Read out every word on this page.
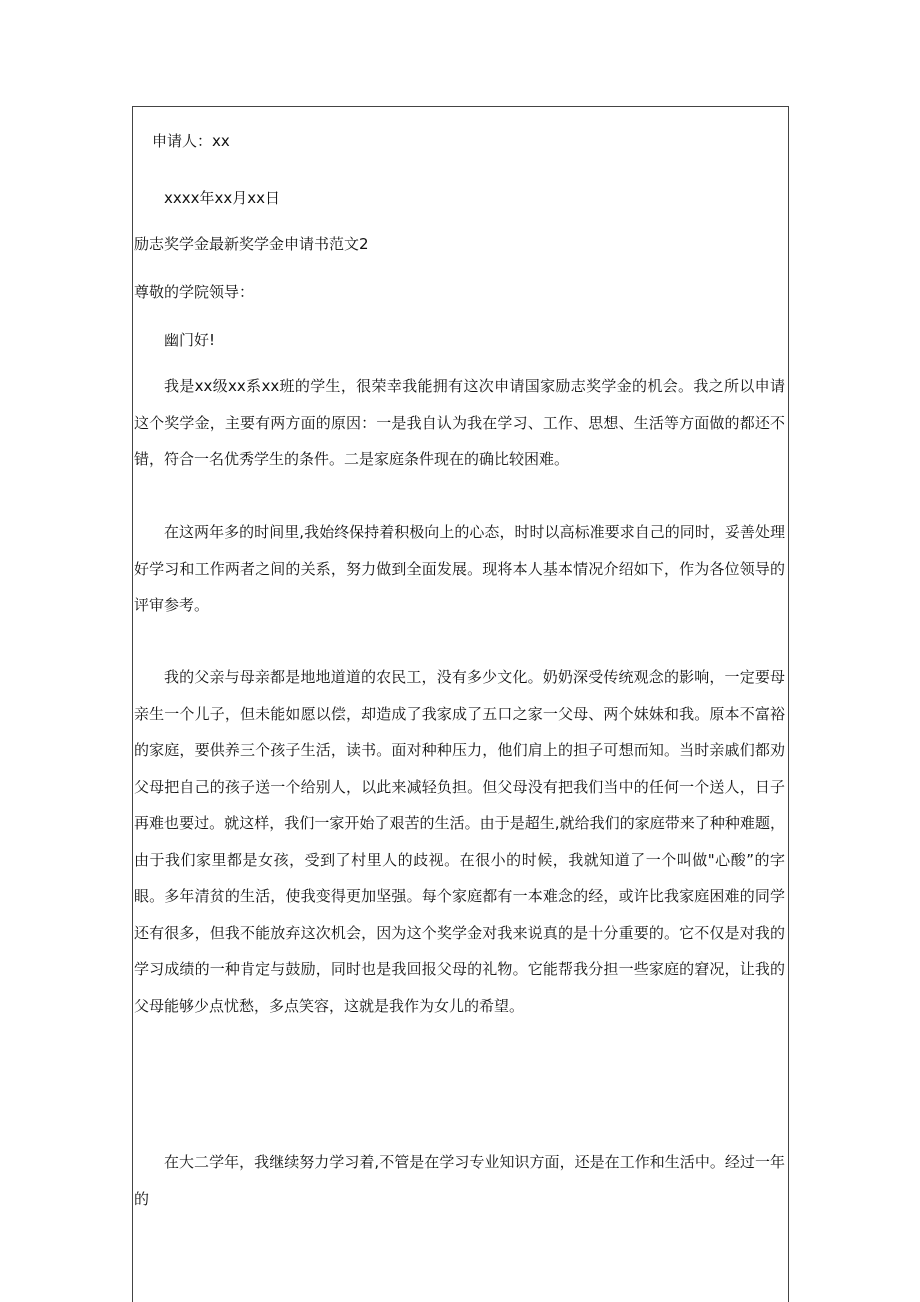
申请人：xx
xxxx年xx月xx日
励志奖学金最新奖学金申请书范文2
尊敬的学院领导：
幽门好!

我是xx级xx系xx班的学生，很荣幸我能拥有这次申请国家励志奖学金的机会。我之所以申请这个奖学金，主要有两方面的原因：一是我自认为我在学习、工作、思想、生活等方面做的都还不错，符合一名优秀学生的条件。二是家庭条件现在的确比较困难。

在这两年多的时间里,我始终保持着积极向上的心态，时时以高标准要求自己的同时，妥善处理好学习和工作两者之间的关系，努力做到全面发展。现将本人基本情况介绍如下，作为各位领导的评审参考。

我的父亲与母亲都是地地道道的农民工，没有多少文化。奶奶深受传统观念的影响，一定要母亲生一个儿子，但未能如愿以偿，却造成了我家成了五口之家一父母、两个妹妹和我。原本不富裕的家庭，要供养三个孩子生活，读书。面对种种压力，他们肩上的担子可想而知。当时亲戚们都劝父母把自己的孩子送一个给别人，以此来减轻负担。但父母没有把我们当中的任何一个送人，日子再难也要过。就这样，我们一家开始了艰苦的生活。由于是超生,就给我们的家庭带来了种种难题，由于我们家里都是女孩，受到了村里人的歧视。在很小的时候，我就知道了一个叫做"心酸”的字眼。多年清贫的生活，使我变得更加坚强。每个家庭都有一本难念的经，或许比我家庭困难的同学还有很多，但我不能放弃这次机会，因为这个奖学金对我来说真的是十分重要的。它不仅是对我的学习成绩的一种肯定与鼓励，同时也是我回报父母的礼物。它能帮我分担一些家庭的窘况，让我的父母能够少点忧愁，多点笑容，这就是我作为女儿的希望。

在大二学年，我继续努力学习着,不管是在学习专业知识方面，还是在工作和生活中。经过一年的
